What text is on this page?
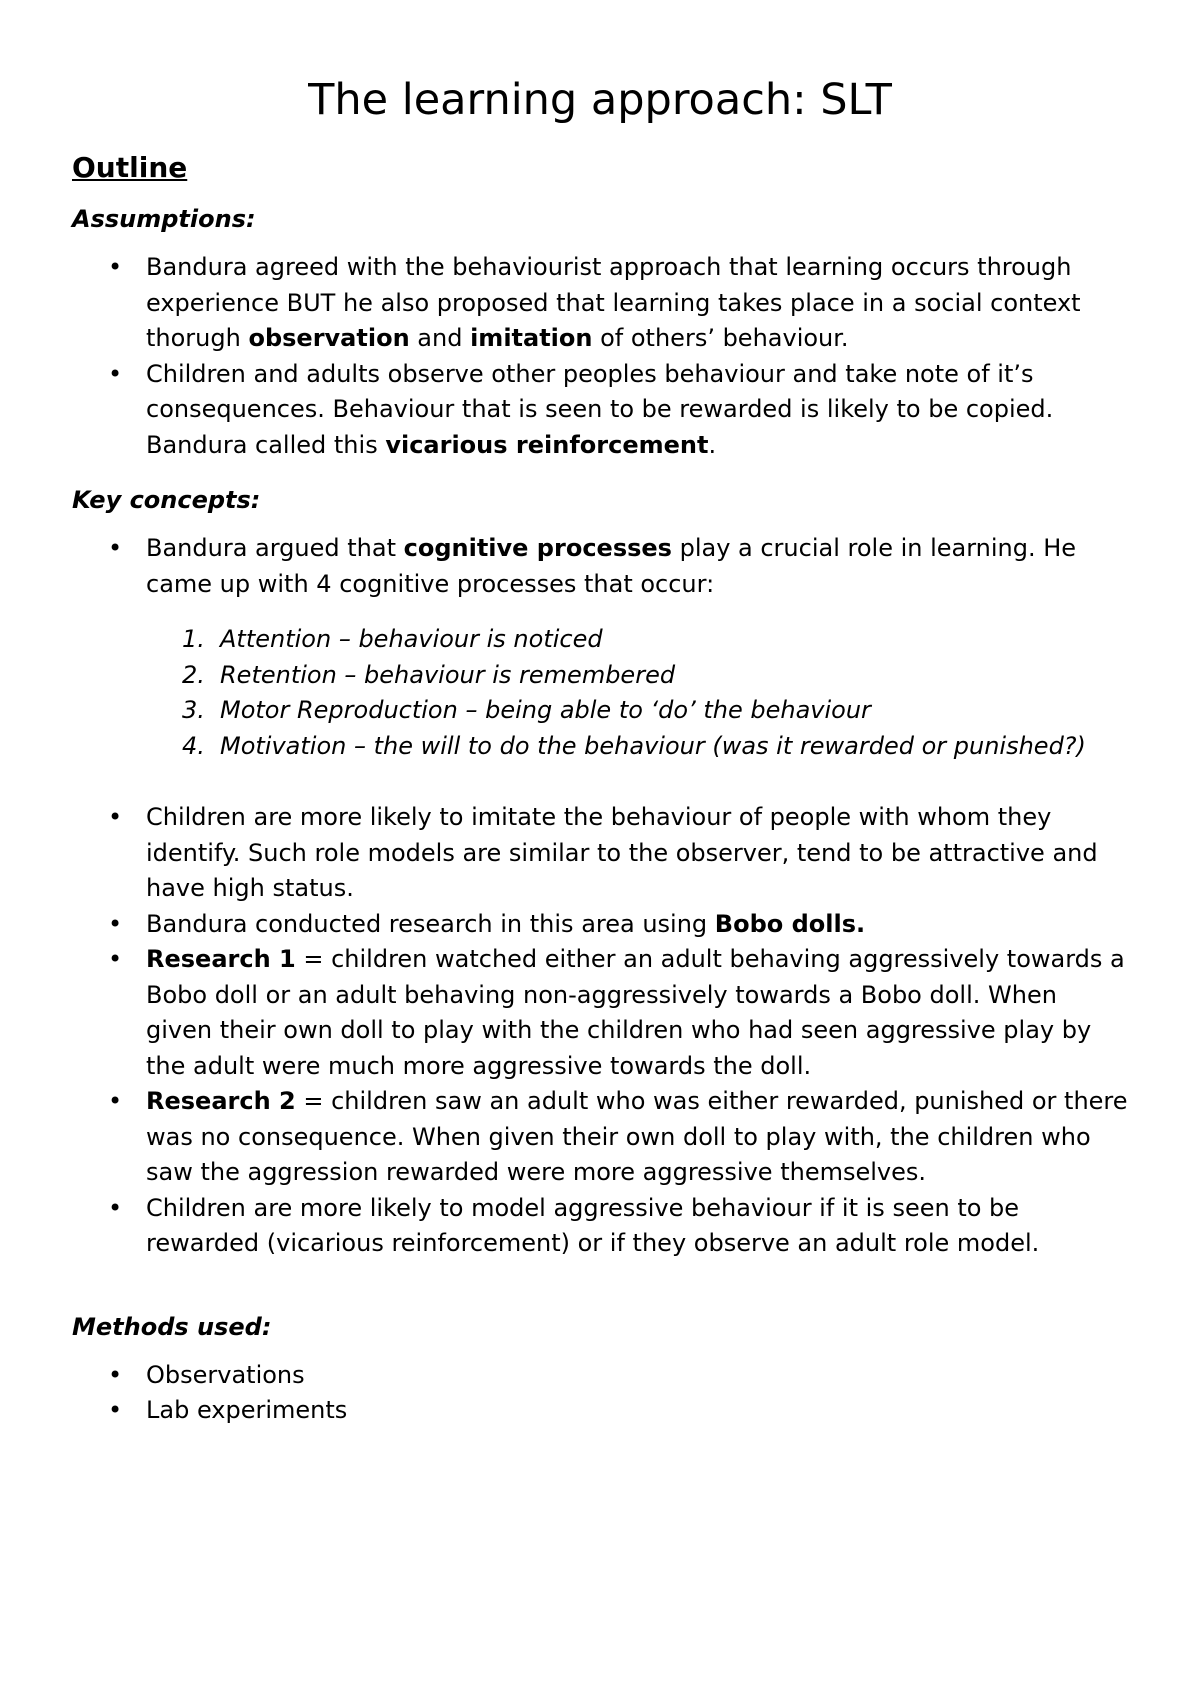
The learning approach: SLT
Outline
Assumptions:
• Bandura agreed with the behaviourist approach that learning occurs through experience BUT he also proposed that learning takes place in a social context thorugh observation and imitation of others’ behaviour.
• Children and adults observe other peoples behaviour and take note of it’s consequences. Behaviour that is seen to be rewarded is likely to be copied. Bandura called this vicarious reinforcement.
Key concepts:
• Bandura argued that cognitive processes play a crucial role in learning. He came up with 4 cognitive processes that occur:
1. Attention – behaviour is noticed
2. Retention – behaviour is remembered
3. Motor Reproduction – being able to ‘do’ the behaviour
4. Motivation – the will to do the behaviour (was it rewarded or punished?)
• Children are more likely to imitate the behaviour of people with whom they identify. Such role models are similar to the observer, tend to be attractive and have high status.
• Bandura conducted research in this area using Bobo dolls.
• Research 1 = children watched either an adult behaving aggressively towards a Bobo doll or an adult behaving non-aggressively towards a Bobo doll. When given their own doll to play with the children who had seen aggressive play by the adult were much more aggressive towards the doll.
• Research 2 = children saw an adult who was either rewarded, punished or there was no consequence. When given their own doll to play with, the children who saw the aggression rewarded were more aggressive themselves.
• Children are more likely to model aggressive behaviour if it is seen to be rewarded (vicarious reinforcement) or if they observe an adult role model.
Methods used:
• Observations
• Lab experiments
